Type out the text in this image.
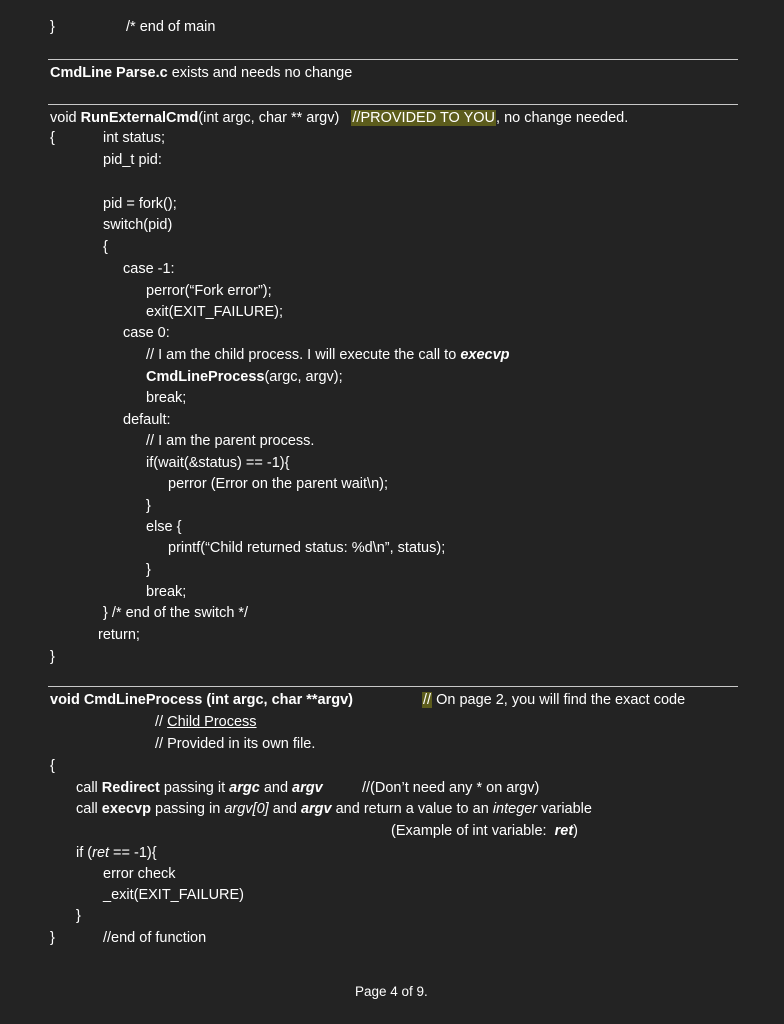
}	/* end of main
CmdLine Parse.c exists and needs no change
void RunExternalCmd(int argc, char ** argv) //PROVIDED TO YOU, no change needed.
{	int status;
pid_t pid:
pid = fork();
switch(pid)
{
case -1:
perror(“Fork error”);
exit(EXIT_FAILURE);
case 0:
// I am the child process. I will execute the call to execvp
CmdLineProcess(argc, argv);
break;
default:
// I am the parent process.
if(wait(&status) == -1){
perror (Error on the parent wait\n);
}
else {
printf(“Child returned status: %d\n”, status);
}
break;
} /* end of the switch */
return;
}
void CmdLineProcess (int argc, char **argv)	// On page 2, you will find the exact code
// Child Process
// Provided in its own file.
{
call Redirect passing it argc and argv	//(Don’t need any * on argv)
call execvp passing in argv[0] and argv and return a value to an integer variable
(Example of int variable:  ret)
if (ret == -1){
error check
_exit(EXIT_FAILURE)
}
}	//end of function
Page 4 of 9.
